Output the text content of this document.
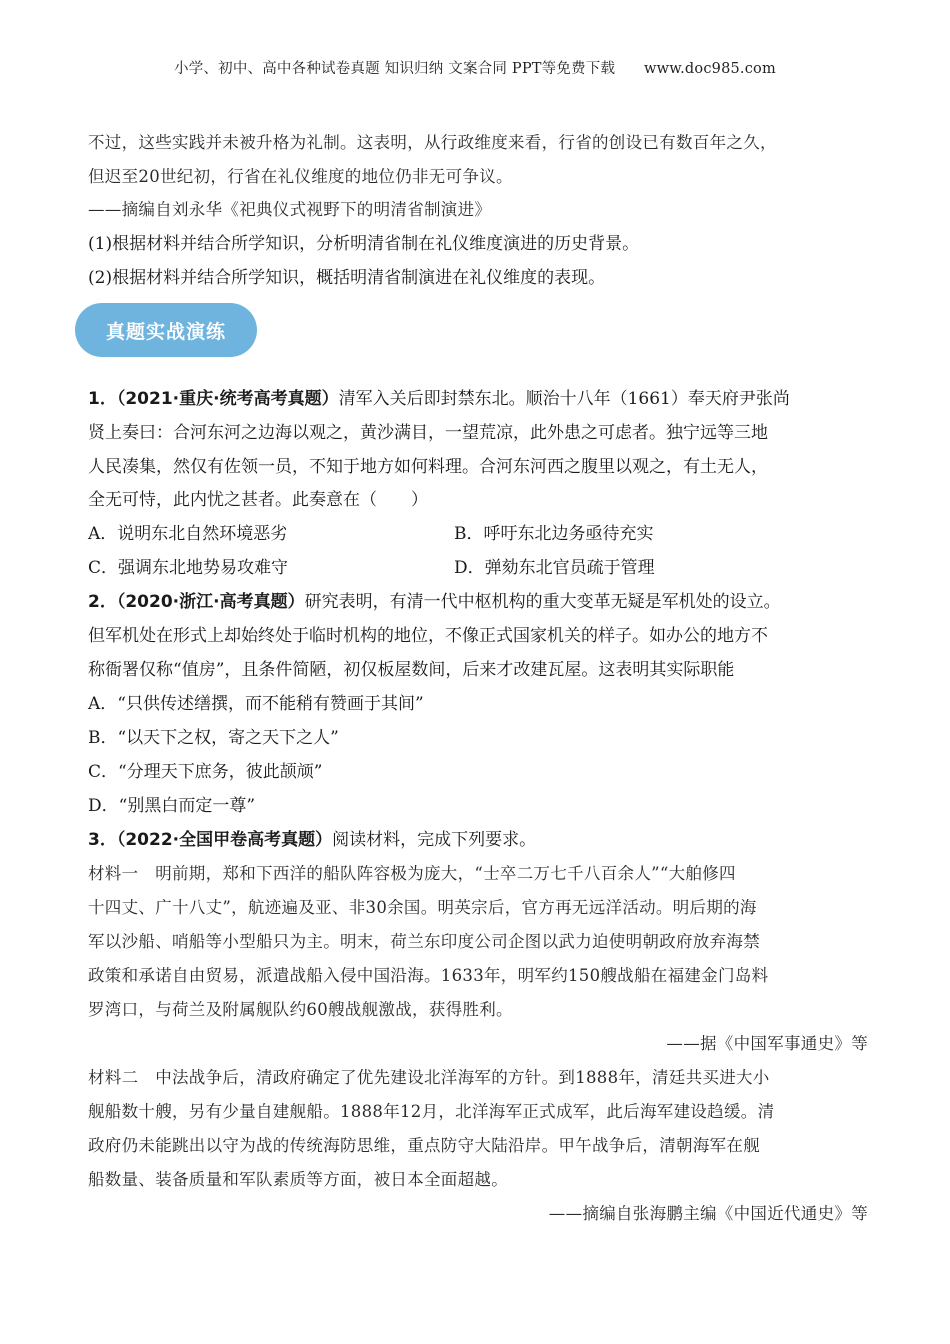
小学、初中、高中各种试卷真题 知识归纳 文案合同 PPT等免费下载 www.doc985.com
不过，这些实践并未被升格为礼制。这表明，从行政维度来看，行省的创设已有数百年之久，
但迟至20世纪初，行省在礼仪维度的地位仍非无可争议。
——摘编自刘永华《祀典仪式视野下的明清省制演进》
(1)根据材料并结合所学知识，分析明清省制在礼仪维度演进的历史背景。
(2)根据材料并结合所学知识，概括明清省制演进在礼仪维度的表现。
真题实战演练
1．（2021·重庆·统考高考真题）清军入关后即封禁东北。顺治十八年（1661）奉天府尹张尚
贤上奏曰：合河东河之边海以观之，黄沙满目，一望荒凉，此外患之可虑者。独宁远等三地
人民凑集，然仅有佐领一员，不知于地方如何料理。合河东河西之腹里以观之，有土无人，
全无可恃，此内忧之甚者。此奏意在（　　）
A．说明东北自然环境恶劣	B．呼吁东北边务亟待充实
C．强调东北地势易攻难守	D．弹劾东北官员疏于管理
2．（2020·浙江·高考真题）研究表明，有清一代中枢机构的重大变革无疑是军机处的设立。
但军机处在形式上却始终处于临时机构的地位，不像正式国家机关的样子。如办公的地方不
称衙署仅称“值房”，且条件简陋，初仅板屋数间，后来才改建瓦屋。这表明其实际职能
A．“只供传述缮撰，而不能稍有赞画于其间”
B．“以天下之权，寄之天下之人”
C．“分理天下庶务，彼此颉颃”
D．“别黑白而定一尊”
3．（2022·全国甲卷高考真题）阅读材料，完成下列要求。
材料一　明前期，郑和下西洋的船队阵容极为庞大，“士卒二万七千八百余人”“大舶修四
十四丈、广十八丈”，航迹遍及亚、非30余国。明英宗后，官方再无远洋活动。明后期的海
军以沙船、哨船等小型船只为主。明末，荷兰东印度公司企图以武力迫使明朝政府放弃海禁
政策和承诺自由贸易，派遣战船入侵中国沿海。1633年，明军约150艘战船在福建金门岛料
罗湾口，与荷兰及附属舰队约60艘战舰激战，获得胜利。
——据《中国军事通史》等
材料二　中法战争后，清政府确定了优先建设北洋海军的方针。到1888年，清廷共买进大小
舰船数十艘，另有少量自建舰船。1888年12月，北洋海军正式成军，此后海军建设趋缓。清
政府仍未能跳出以守为战的传统海防思维，重点防守大陆沿岸。甲午战争后，清朝海军在舰
船数量、装备质量和军队素质等方面，被日本全面超越。
——摘编自张海鹏主编《中国近代通史》等
